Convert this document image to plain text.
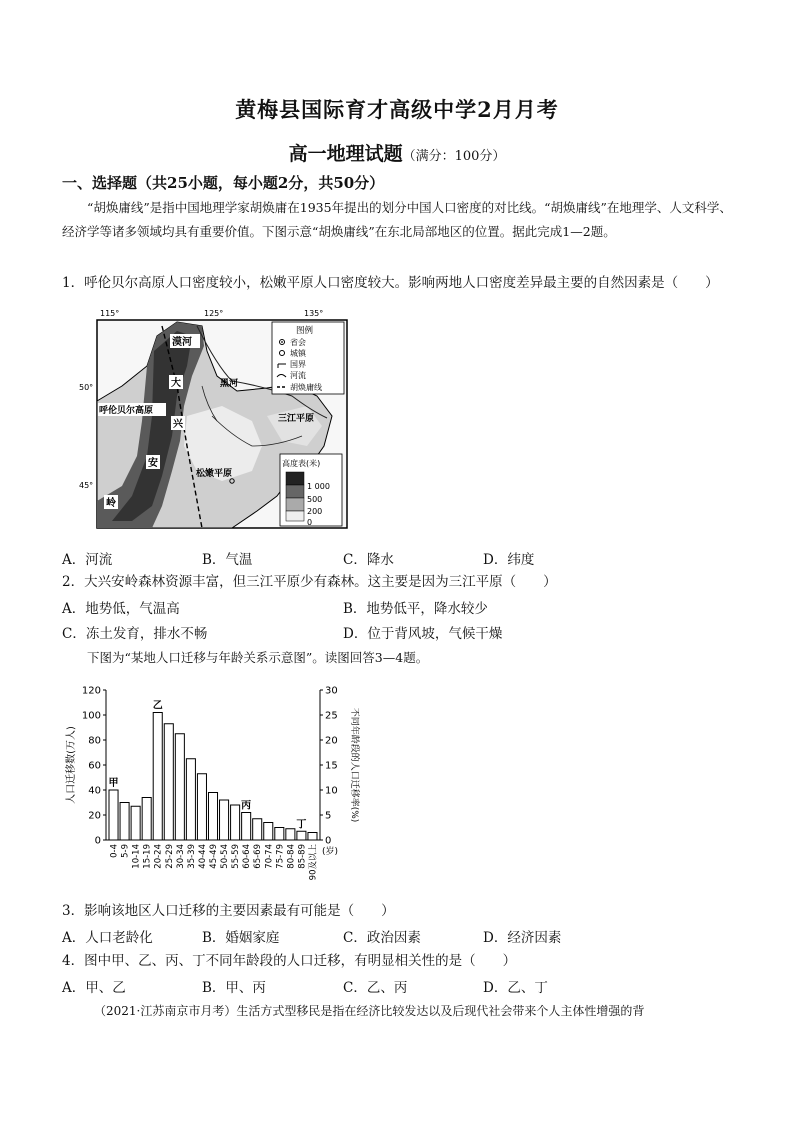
黄梅县国际育才高级中学2月月考
高一地理试题（满分：100分）
一、选择题（共25小题，每小题2分，共50分）
“胡焕庸线”是指中国地理学家胡焕庸在1935年提出的划分中国人口密度的对比线。“胡焕庸线”在地理学、人文科学、经济学等诸多领域均具有重要价值。下图示意“胡焕庸线”在东北局部地区的位置。据此完成1—2题。
1．呼伦贝尔高原人口密度较小，松嫩平原人口密度较大。影响两地人口密度差异最主要的自然因素是（　　）
115°	125°	135°
50°
45°
漠河
大
兴
安
岭
呼伦贝尔高原
黑河
三江平原
松嫩平原
图例
省会
城镇
国界
河流
胡焕庸线
高度表(米)
1 000
500
200
0
A．河流	B．气温	C．降水	D．纬度
2．大兴安岭森林资源丰富，但三江平原少有森林。这主要是因为三江平原（　　）
A．地势低，气温高	B．地势低平，降水较少
C．冻土发育，排水不畅	D．位于背风坡，气候干燥
下图为“某地人口迁移与年龄关系示意图”。读图回答3—4题。
0
20
40
60
80
100
120
0
5
10
15
20
25
30
人口迁移数(万人)	不同年龄段的人口迁移率(%)
0-4 5-9 10-14 15-19 20-24 25-29 30-34 35-39 40-44 45-49 50-54 55-59 60-64 65-69 70-74 75-79 80-84 85-89 90及以上 (岁)
甲
乙
丙
丁
3．影响该地区人口迁移的主要因素最有可能是（　　）
A．人口老龄化	B．婚姻家庭	C．政治因素	D．经济因素
4．图中甲、乙、丙、丁不同年龄段的人口迁移，有明显相关性的是（　　）
A．甲、乙	B．甲、丙	C．乙、丙	D．乙、丁
（2021·江苏南京市月考）生活方式型移民是指在经济比较发达以及后现代社会带来个人主体性增强的背
